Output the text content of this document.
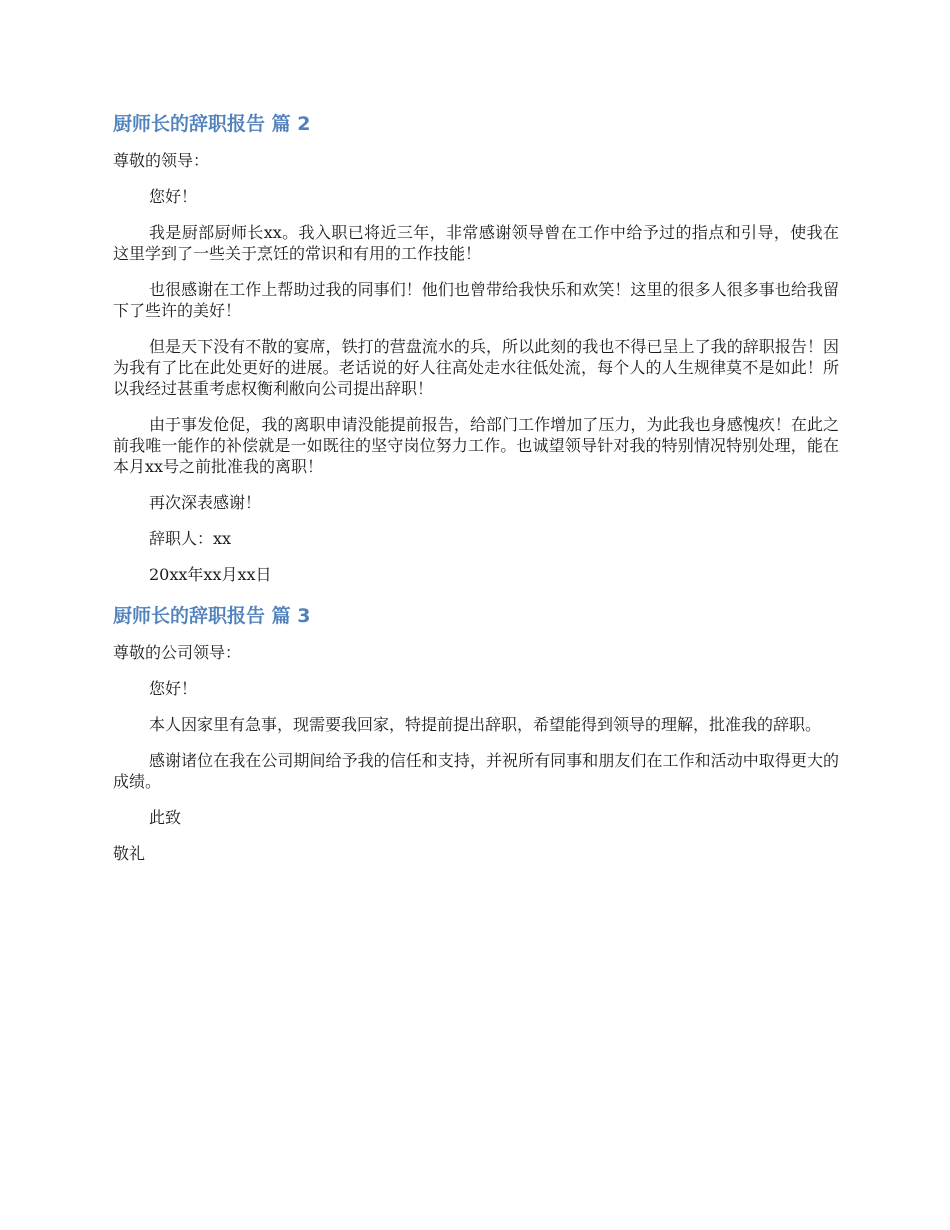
厨师长的辞职报告 篇 2

尊敬的领导：

您好！

我是厨部厨师长xx。我入职已将近三年，非常感谢领导曾在工作中给予过的指点和引导，使我在这里学到了一些关于烹饪的常识和有用的工作技能！

也很感谢在工作上帮助过我的同事们！他们也曾带给我快乐和欢笑！这里的很多人很多事也给我留下了些许的美好！

但是天下没有不散的宴席，铁打的营盘流水的兵，所以此刻的我也不得已呈上了我的辞职报告！因为我有了比在此处更好的进展。老话说的好人往高处走水往低处流，每个人的人生规律莫不是如此！所以我经过甚重考虑权衡利敝向公司提出辞职！

由于事发伧促，我的离职申请没能提前报告，给部门工作增加了压力，为此我也身感愧疚！在此之前我唯一能作的补偿就是一如既往的坚守岗位努力工作。也诚望领导针对我的特别情况特别处理，能在本月xx号之前批准我的离职！

再次深表感谢！

辞职人：xx

20xx年xx月xx日

厨师长的辞职报告 篇 3

尊敬的公司领导：

您好！

本人因家里有急事，现需要我回家，特提前提出辞职，希望能得到领导的理解，批准我的辞职。

感谢诸位在我在公司期间给予我的信任和支持，并祝所有同事和朋友们在工作和活动中取得更大的成绩。

此致

敬礼
